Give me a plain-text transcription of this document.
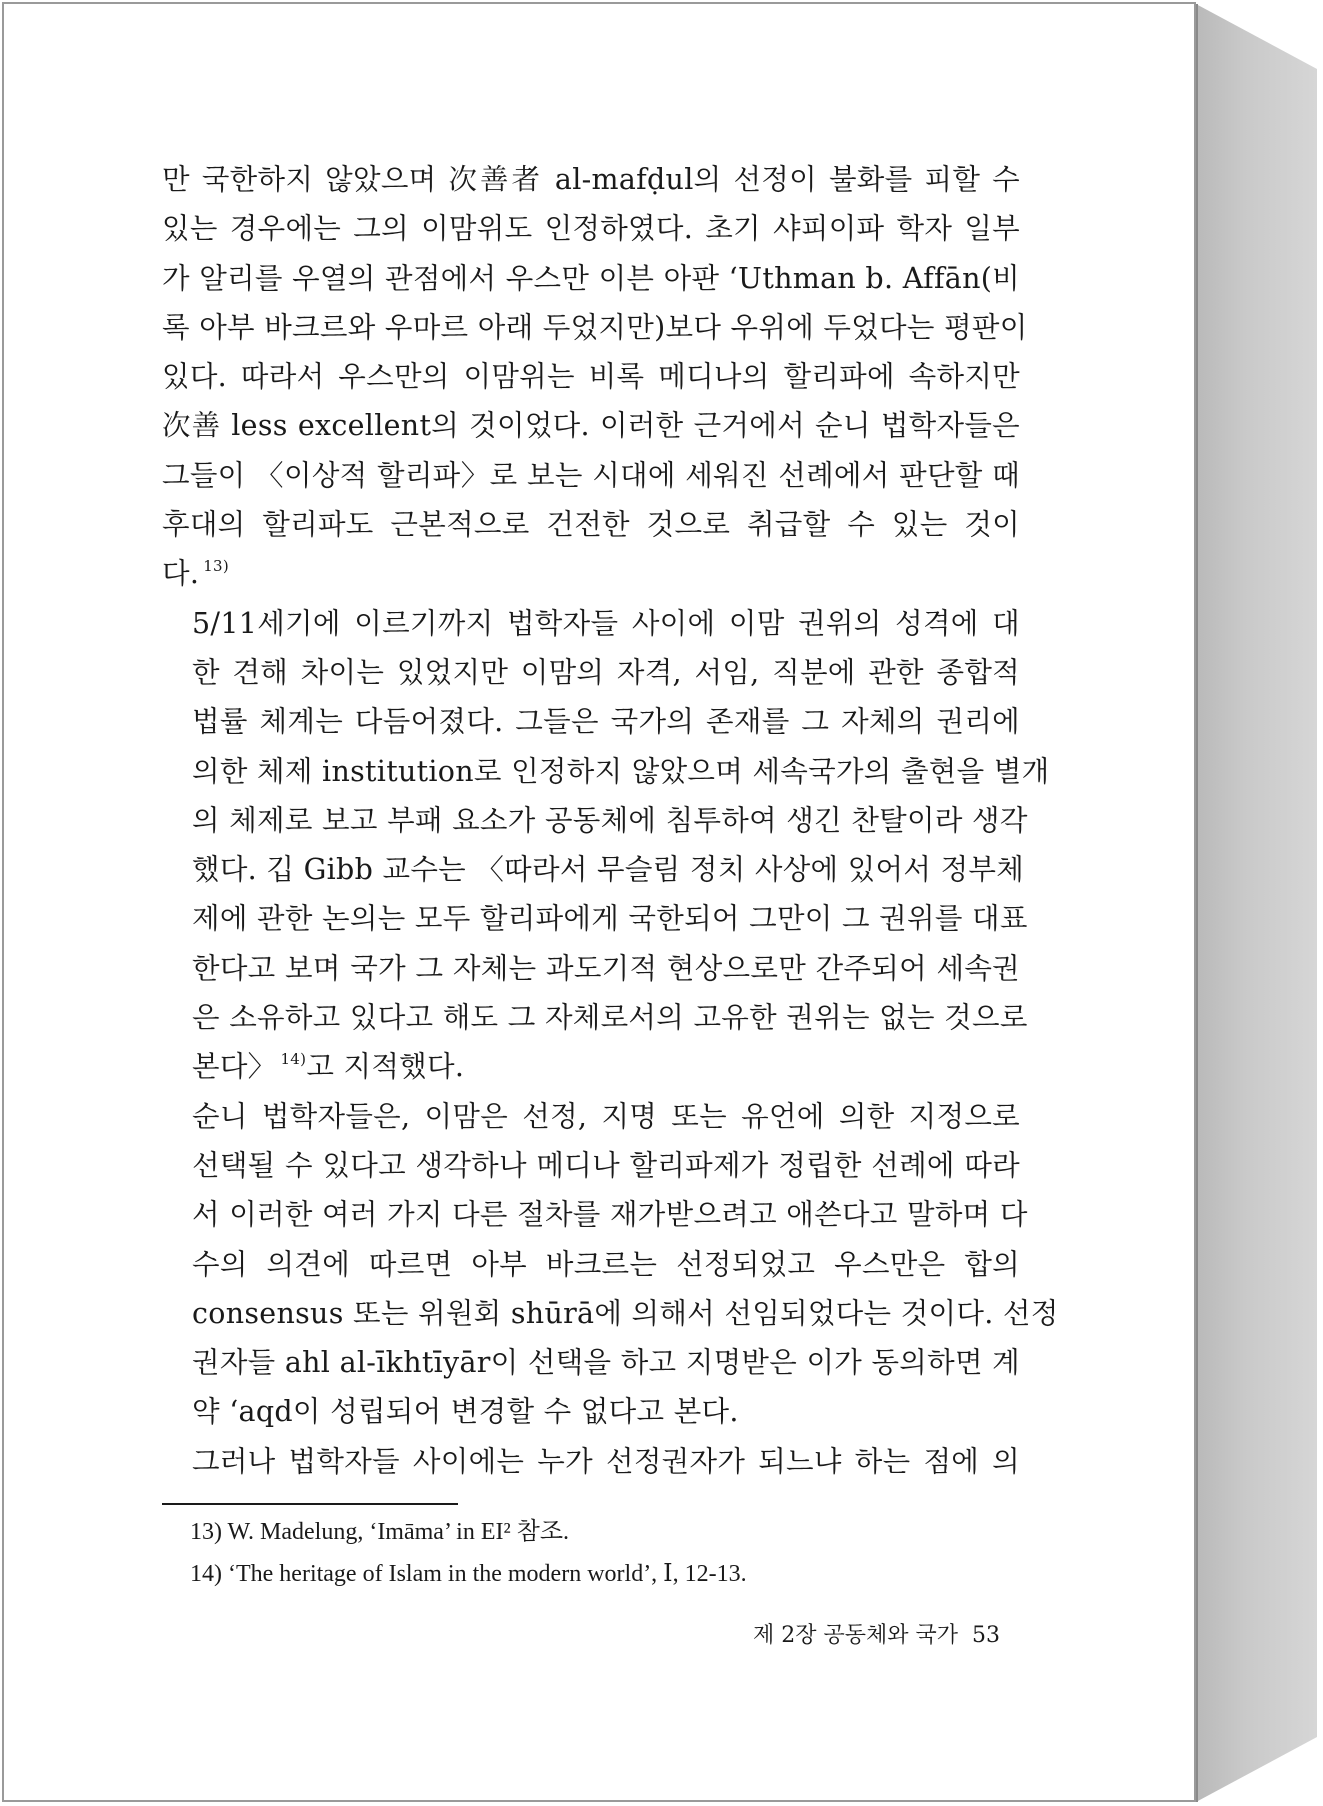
만 국한하지 않았으며 次善者 al-mafḍul의 선정이 불화를 피할 수
있는 경우에는 그의 이맘위도 인정하였다. 초기 샤피이파 학자 일부
가 알리를 우열의 관점에서 우스만 이븐 아판 ‘Uthman b. Affān(비
록 아부 바크르와 우마르 아래 두었지만)보다 우위에 두었다는 평판이
있다. 따라서 우스만의 이맘위는 비록 메디나의 할리파에 속하지만
次善 less excellent의 것이었다. 이러한 근거에서 순니 법학자들은
그들이 〈이상적 할리파〉로 보는 시대에 세워진 선례에서 판단할 때
후대의 할리파도 근본적으로 건전한 것으로 취급할 수 있는 것이
다. $^{13)}$

5/11세기에 이르기까지 법학자들 사이에 이맘 권위의 성격에 대
한 견해 차이는 있었지만 이맘의 자격, 서임, 직분에 관한 종합적
법률 체계는 다듬어졌다. 그들은 국가의 존재를 그 자체의 권리에
의한 체제 institution로 인정하지 않았으며 세속국가의 출현을 별개
의 체제로 보고 부패 요소가 공동체에 침투하여 생긴 찬탈이라 생각
했다. 깁 Gibb 교수는 〈따라서 무슬림 정치 사상에 있어서 정부체
제에 관한 논의는 모두 할리파에게 국한되어 그만이 그 권위를 대표
한다고 보며 국가 그 자체는 과도기적 현상으로만 간주되어 세속권
은 소유하고 있다고 해도 그 자체로서의 고유한 권위는 없는 것으로
본다〉 $^{14)}$고 지적했다.

순니 법학자들은, 이맘은 선정, 지명 또는 유언에 의한 지정으로
선택될 수 있다고 생각하나 메디나 할리파제가 정립한 선례에 따라
서 이러한 여러 가지 다른 절차를 재가받으려고 애쓴다고 말하며 다
수의 의견에 따르면 아부 바크르는 선정되었고 우스만은 합의
consensus 또는 위원회 shūrā에 의해서 선임되었다는 것이다. 선정
권자들 ahl al-īkhtīyār이 선택을 하고 지명받은 이가 동의하면 계
약 ‘aqd이 성립되어 변경할 수 없다고 본다.

그러나 법학자들 사이에는 누가 선정권자가 되느냐 하는 점에 의

13) W. Madelung, ‘Imāma’ in EI² 참조.
14) ‘The heritage of Islam in the modern world’, Ⅰ, 12-13.
제 2장 공동체와 국가 53
